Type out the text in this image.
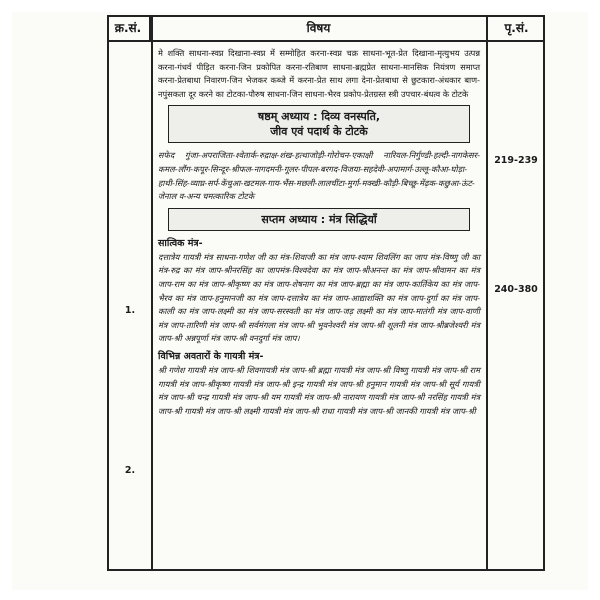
क्र.सं.	विषय	पृ.सं.

मे शक्ति साधना-स्वप्न दिखाना-स्वप्न में सम्मोहित करना-स्वप्न चक्र साधना-भूत-प्रेत दिखाना-मृत्युभय उत्पन्न करना-गंधर्व पीड़ित करना-जिन प्रकोपित करना-रतिबाण साधना-ब्रह्मप्रेत साधना-मानसिक नियंत्रण समाप्त करना-प्रेतबाधा निवारण-जिन भेजकर कब्जे में करना-प्रेत साथ लगा देना-प्रेतबाधा से छुटकारा-अंधकार बाण-नपुंसकता दूर करने का टोटका-पौरुष साधना-जिन साधना-भैरव प्रकोप-प्रेतग्रस्त स्त्री उपचार-बंधत्व के टोटके

षष्ठम् अध्याय : दिव्य वनस्पति,
जीव एवं पदार्थ के टोटके

सफेद गुंजा-अपराजिता-श्वेतार्क-रुद्राक्ष-शंख-हत्थाजोड़ी-गोरोचन-एकाक्षी नारियल-निर्गुण्डी-हल्दी-नागकेसर-कमल-लौंग-कपूर-सिन्दूर-श्रीफल-नागदमनी-गूलर-पीपल-बरगद-विजया-सहदेवी-अपामार्ग-उल्लू-कौआ-घोड़ा-हाथी-सिंह-व्याघ्र-सर्प-केंचुआ-खटमल-गाय-भैंस-मछली-लालचींटा-मुर्गा-मक्खी-कौड़ी-बिच्छू-मेंढ़क-कछुआ-ऊंट-जेनाल व-अन्य चमत्कारिक टोटके

सप्तम अध्याय : मंत्र सिद्धियाँ
सात्विक मंत्र-

दत्तात्रेय गायत्री मंत्र साधना-गणेश जी का मंत्र-शिवाजी का मंत्र जाप-श्याम शिवलिंग का जाप मंत्र-विष्णु जी का मंत्र-रुद्र का मंत्र जाप-श्रीनरसिंह का जापमंत्र-विश्वदेवा का मंत्र जाप-श्रीअनन्त का मंत्र जाप-श्रीवामन का मंत्र जाप-राम का मंत्र जाप-श्रीकृष्ण का मंत्र जाप-शेषनाग का मंत्र जाप-ब्रह्मा का मंत्र जाप-कार्तिकेय का मंत्र जाप-भैरव का मंत्र जाप-हनुमानजी का मंत्र जाप-दत्तात्रेय का मंत्र जाप-आद्याशक्ति का मंत्र जाप-दुर्गा का मंत्र जाप-काली का मंत्र जाप-लक्ष्मी का मंत्र जाप-सरस्वती का मंत्र जाप-जड़ लक्ष्मी का मंत्र जाप-मातंगी मंत्र जाप-वाणी मंत्र जाप-तारिणी मंत्र जाप-श्री सर्वमंगला मंत्र जाप-श्री भुवनेश्वरी मंत्र जाप-श्री शूलनी मंत्र जाप-श्रीब्रजेश्वरी मंत्र जाप-श्री अन्नपूर्णा मंत्र जाप-श्री वनदुर्गा मंत्र जाप।

विभिन्न अवतारों के गायत्री मंत्र-

श्री गणेश गायत्री मंत्र जाप-श्री शिवगायत्री मंत्र जाप-श्री ब्रह्मा गायत्री मंत्र जाप-श्री विष्णु गायत्री मंत्र जाप-श्री राम गायत्री मंत्र जाप-श्रीकृष्ण गायत्री मंत्र जाप-श्री इन्द्र गायत्री मंत्र जाप-श्री हनुमान गायत्री मंत्र जाप-श्री सूर्य गायत्री मंत्र जाप-श्री चन्द्र गायत्री मंत्र जाप-श्री यम गायत्री मंत्र जाप-श्री नारायण गायत्री मंत्र जाप-श्री नरसिंह गायत्री मंत्र जाप-श्री गायत्री मंत्र जाप-श्री लक्ष्मी गायत्री मंत्र जाप-श्री राधा गायत्री मंत्र जाप-श्री जानकी गायत्री मंत्र जाप-श्री

219-239
240-380
1.
2.
